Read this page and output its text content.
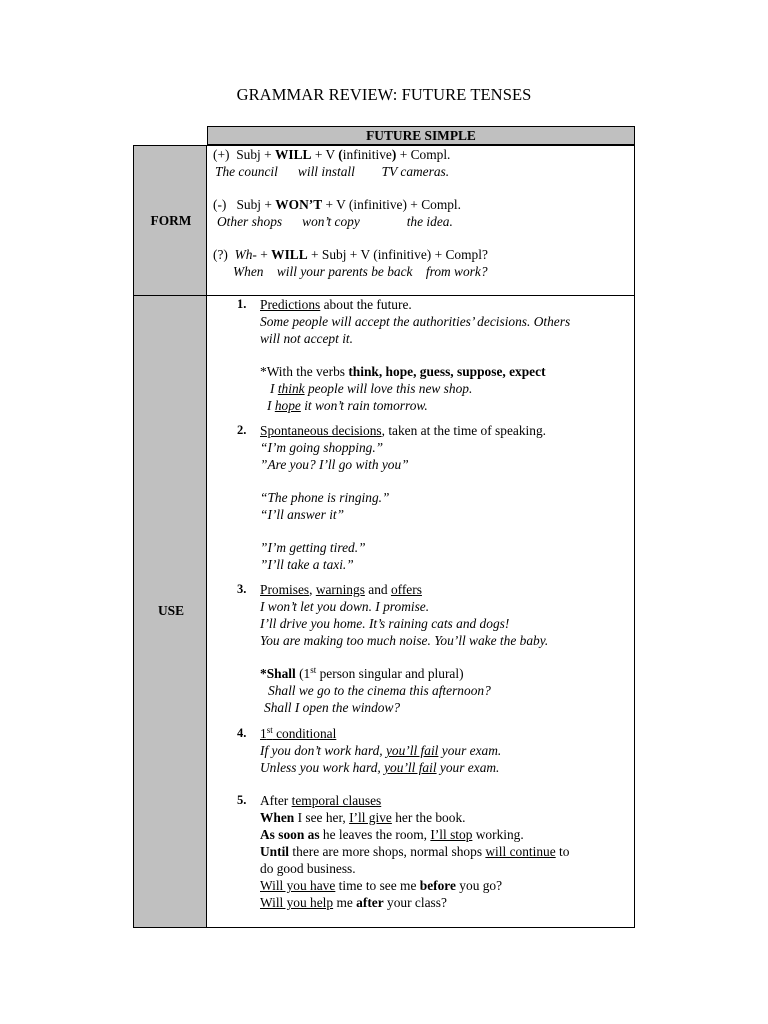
GRAMMAR REVIEW: FUTURE TENSES
FUTURE SIMPLE
FORM
USE
(+) Subj + WILL + V (infinitive) + Compl.
The council      will install        TV cameras.
(-) Subj + WON’T + V (infinitive) + Compl.
Other shops      won’t copy              the idea.
(?) Wh- + WILL + Subj + V (infinitive) + Compl?
When    will your parents be back    from work?
1. Predictions about the future.
Some people will accept the authorities’ decisions. Others
will not accept it.
*With the verbs think, hope, guess, suppose, expect
I think people will love this new shop.
I hope it won’t rain tomorrow.
2. Spontaneous decisions, taken at the time of speaking.
“I’m going shopping.”
”Are you? I’ll go with you”
“The phone is ringing.”
“I’ll answer it”
”I’m getting tired.”
”I’ll take a taxi.”
3. Promises, warnings and offers
I won’t let you down. I promise.
I’ll drive you home. It’s raining cats and dogs!
You are making too much noise. You’ll wake the baby.
*Shall (1st person singular and plural)
Shall we go to the cinema this afternoon?
Shall I open the window?
4. 1st conditional
If you don’t work hard, you’ll fail your exam.
Unless you work hard, you’ll fail your exam.
5. After temporal clauses
When I see her, I’ll give her the book.
As soon as he leaves the room, I’ll stop working.
Until there are more shops, normal shops will continue to
do good business.
Will you have time to see me before you go?
Will you help me after your class?
